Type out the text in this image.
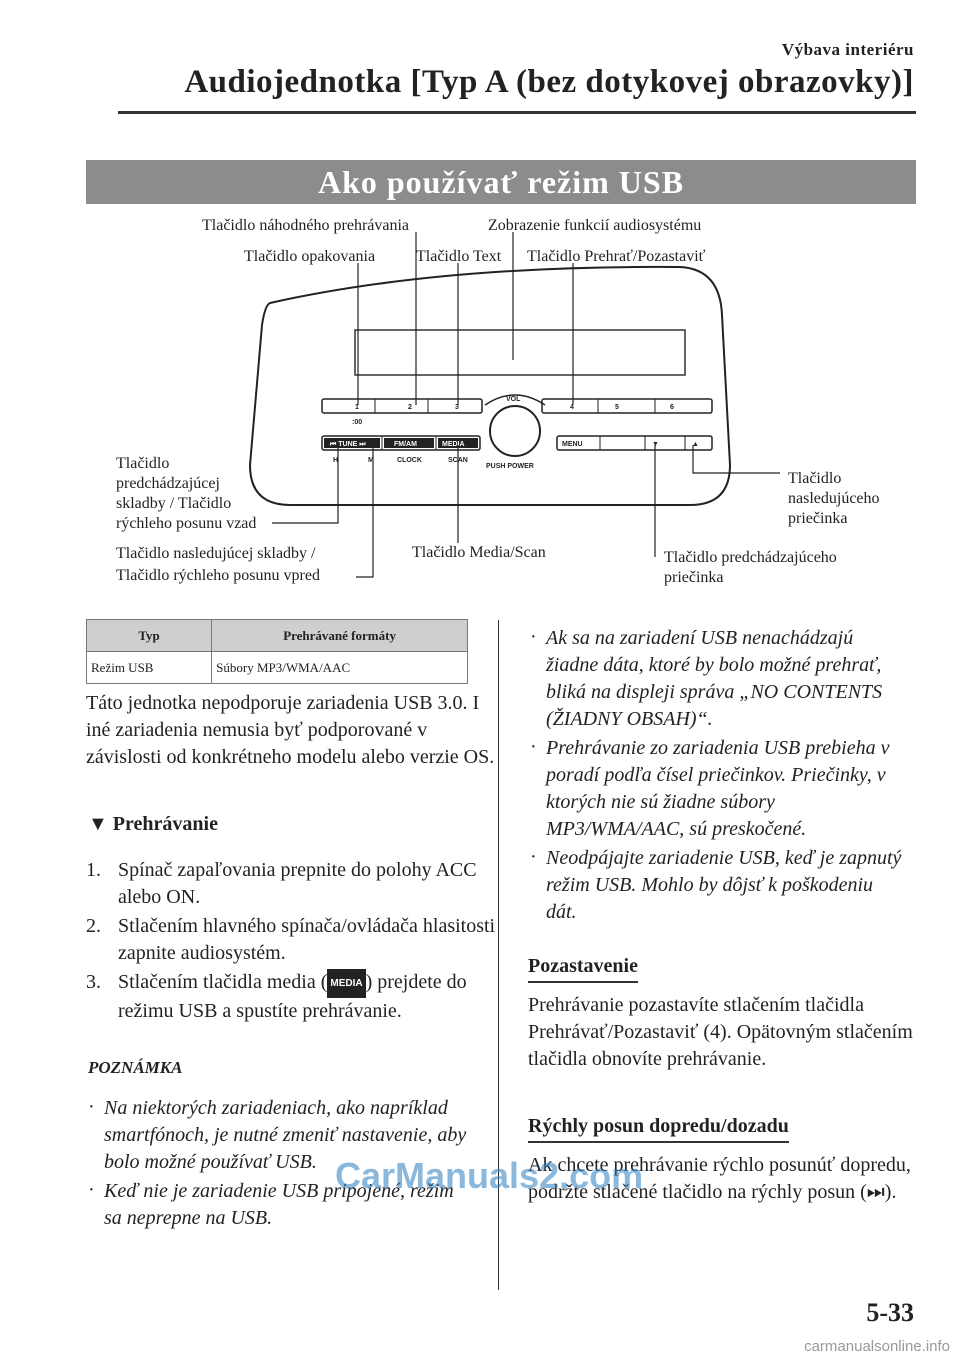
Výbava interiéru
Audiojednotka [Typ A (bez dotykovej obrazovky)]
Ako používať režim USB
1	2	3
:00
4	5	6
VOL
PUSH POWER
⏮ TUNE ⏭	FM/AM	MEDIA
H	M	CLOCK	SCAN
MENU	▼	▲
Tlačidlo náhodného prehrávania	Zobrazenie funkcií audiosystému
Tlačidlo opakovania	Tlačidlo Text Tlačidlo Prehrať/Pozastaviť
Tlačidlo
predchádzajúcej
skladby / Tlačidlo
rýchleho posunu vzad
Tlačidlo
nasledujúceho
priečinka
Tlačidlo nasledujúcej skladby /
Tlačidlo rýchleho posunu vpred
Tlačidlo Media/Scan	Tlačidlo predchádzajúceho
priečinka
Typ	Prehrávané formáty
Režim USB	Súbory MP3/WMA/AAC
Táto jednotka nepodporuje zariadenia USB 3.0. I iné zariadenia nemusia byť podporované v závislosti od konkrétneho modelu alebo verzie OS.
▼ Prehrávanie
1. Spínač zapaľovania prepnite do polohy ACC alebo ON.
2. Stlačením hlavného spínača/ovládača hlasitosti zapnite audiosystém.
3. Stlačením tlačidla media ( MEDIA ) prejdete do režimu USB a spustíte prehrávanie.
POZNÁMKA
· Na niektorých zariadeniach, ako napríklad smartfónoch, je nutné zmeniť nastavenie, aby bolo možné používať USB.
· Keď nie je zariadenie USB pripojené, režim sa neprepne na USB.
· Ak sa na zariadení USB nenachádzajú žiadne dáta, ktoré by bolo možné prehrať, bliká na displeji správa „NO CONTENTS (ŽIADNY OBSAH)“.
· Prehrávanie zo zariadenia USB prebieha v poradí podľa čísel priečinkov. Priečinky, v ktorých nie sú žiadne súbory MP3/WMA/AAC, sú preskočené.
· Neodpájajte zariadenie USB, keď je zapnutý režim USB. Mohlo by dôjsť k poškodeniu dát.
Pozastavenie
Prehrávanie pozastavíte stlačením tlačidla Prehrávať/Pozastaviť (4). Opätovným stlačením tlačidla obnovíte prehrávanie.
Rýchly posun dopredu/dozadu
Ak chcete prehrávanie rýchlo posunúť dopredu, podržte stlačené tlačidlo na rýchly posun (⏭).
CarManuals2.com
5-33
carmanualsonline.info
